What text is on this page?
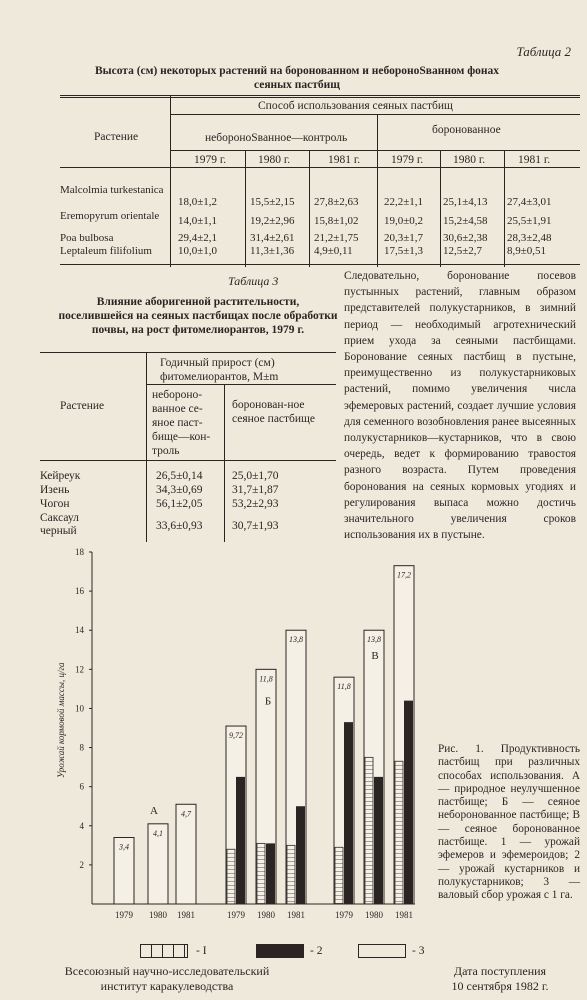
Таблица 2
Высота (см) некоторых растений на боронованном и небороноSванном фонах
сеяных пастбищ
Способ использования сеяных пастбищ
Растение	небороноSванное—контроль
боронованное
1979 г.	1980 г.	1981 г.	1979 г.	1980 г.	1981 г.
Malcolmia turkestanica
18,0±1,2	15,5±2,15 27,8±2,63 22,2±1,1 25,1±4,13 27,4±3,01
Eremopyrum orientale	14,0±1,1	19,2±2,96 15,8±1,02 19,0±0,2 15,2±4,58 25,5±1,91
Poa bulbosa	29,4±2,1	31,4±2,61 21,2±1,75 20,3±1,7 30,6±2,38 28,3±2,48
Leptaleum filifolium 10,0±1,0	11,3±1,36 4,9±0,11	17,5±1,3 12,5±2,7 8,9±0,51
Таблица 3
Влияние аборигенной растительности, поселившейся на сеяных пастбищах после обработки почвы, на рост фитомелиорантов, 1979 г.
Годичный прирост (см) фитомелиорантов, M±m
Растение
небороно-ванное се-яное паст-бище—кон-троль
боронован-ное сеяное пастбище
Кейреук	26,5±0,14	25,0±1,70
Изень	34,3±0,69	31,7±1,87
Чогон	56,1±2,05	53,2±2,93
Саксаул черный	33,6±0,93	30,7±1,93
Следовательно, боронование посевов пустынных растений, главным образом представителей полукустарников, в зимний период — необходимый агротехнический прием ухода за сеяными пастбищами. Боронование сеяных пастбищ в пустыне, преимущественно из полукустарниковых растений, помимо увеличения числа эфемеровых растений, создает лучшие условия для семенного возобновления ранее высеянных полукустарников—кустарников, что в свою очередь, ведет к формированию травостоя разного возраста. Путем проведения боронования на сеяных кормовых угодиях и регулирования выпаса можно достичь значительного увеличения сроков использования их в пустыне.
Урожай кормовой массы, ц/га
2
4
6
8
10
12
14
16
18
3,4
1979
4,1
1980
4,7
1981
А
9,72
1979
11,8
1980
13,8
1981
Б
11,8
1979
13,8
1980
17,2
1981
В
Рис. 1. Продуктивность пастбищ при различных способах использования. А — природное неулучшенное пастбище; Б — сеяное неборонованное пастбище; В — сеяное боронованное пастбище. 1 — урожай эфемеров и эфемероидов; 2 — урожай кустарников и полукустарников; 3 — валовый сбор урожая с 1 га.
- I	- 2	- 3
Всесоюзный научно-исследовательский
институт каракулеводства
Дата поступления
10 сентября 1982 г.
